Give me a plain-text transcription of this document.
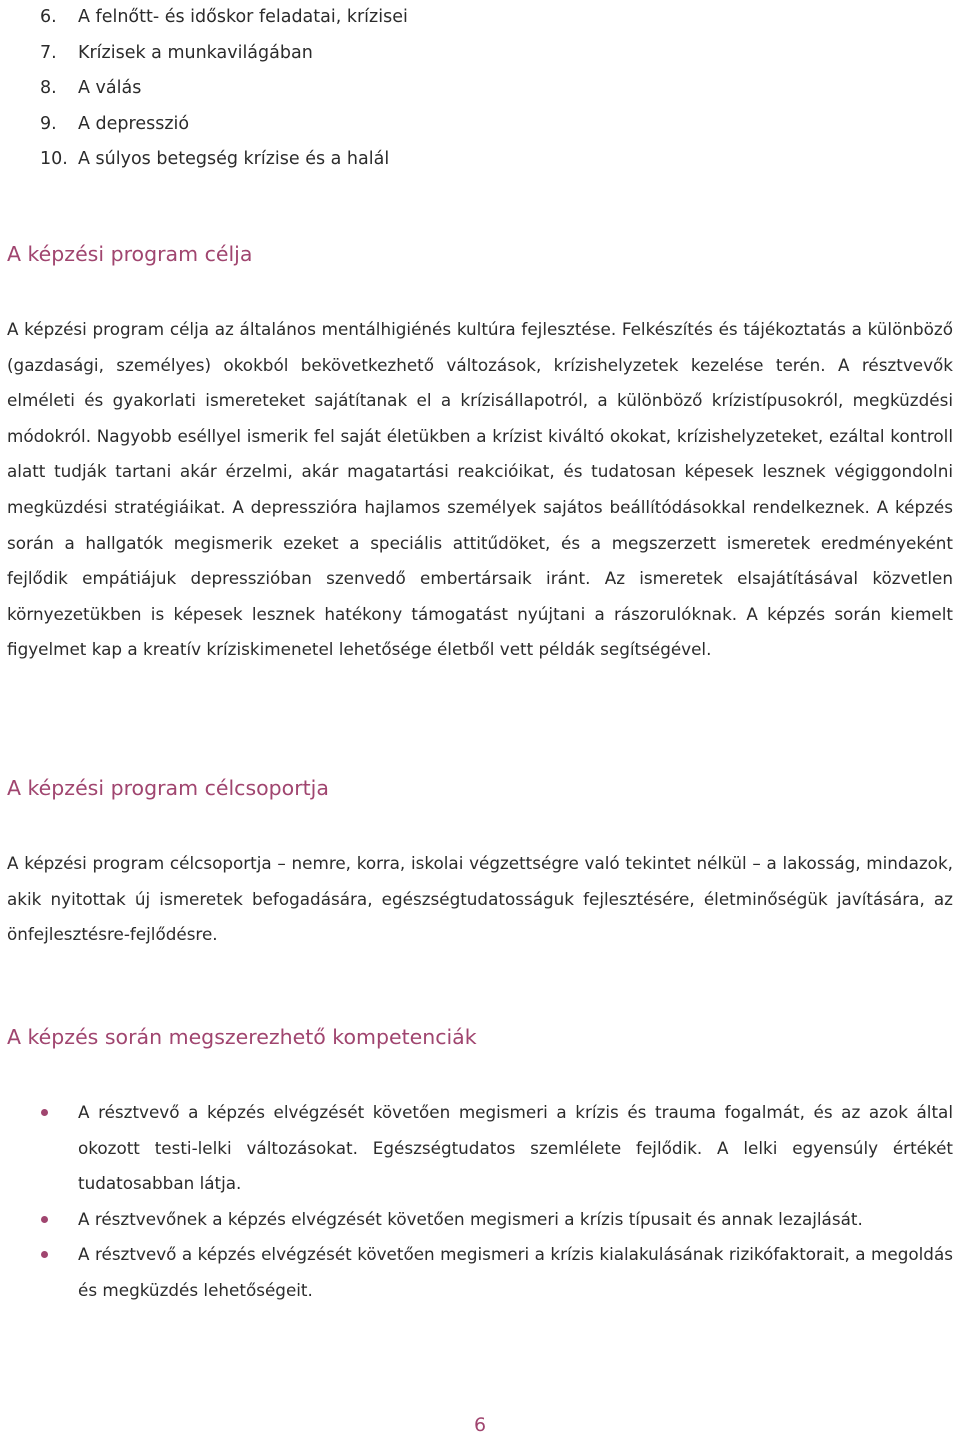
6.	A felnőtt- és időskor feladatai, krízisei
7.	Krízisek a munkavilágában
8.	A válás
9.	A depresszió
10. A súlyos betegség krízise és a halál
A képzési program célja

A képzési program célja az általános mentálhigiénés kultúra fejlesztése. Felkészítés és tájékoztatás a különböző (gazdasági, személyes) okokból bekövetkezhető változások, krízishelyzetek kezelése terén. A résztvevők elméleti és gyakorlati ismereteket sajátítanak el a krízisállapotról, a különböző krízistípusokról, megküzdési módokról. Nagyobb eséllyel ismerik fel saját életükben a krízist kiváltó okokat, krízishelyzeteket, ezáltal kontroll alatt tudják tartani akár érzelmi, akár magatartási reakcióikat, és tudatosan képesek lesznek végiggondolni megküzdési stratégiáikat. A depresszióra hajlamos személyek sajátos beállítódásokkal rendelkeznek. A képzés során a hallgatók megismerik ezeket a speciális attitűdöket, és a megszerzett ismeretek eredményeként fejlődik empátiájuk depresszióban szenvedő embertársaik iránt. Az ismeretek elsajátításával közvetlen környezetükben is képesek lesznek hatékony támogatást nyújtani a rászorulóknak. A képzés során kiemelt figyelmet kap a kreatív kríziskimenetel lehetősége életből vett példák segítségével.

A képzési program célcsoportja

A képzési program célcsoportja – nemre, korra, iskolai végzettségre való tekintet nélkül – a lakosság, mindazok, akik nyitottak új ismeretek befogadására, egészségtudatosságuk fejlesztésére, életminőségük javítására, az önfejlesztésre-fejlődésre.

A képzés során megszerezhető kompetenciák
A résztvevő a képzés elvégzését követően megismeri a krízis és trauma fogalmát, és az azok által okozott testi-lelki változásokat. Egészségtudatos szemlélete fejlődik. A lelki egyensúly értékét tudatosabban látja.
A résztvevőnek a képzés elvégzését követően megismeri a krízis típusait és annak lezajlását.
A résztvevő a képzés elvégzését követően megismeri a krízis kialakulásának rizikófaktorait, a megoldás és megküzdés lehetőségeit.
6
